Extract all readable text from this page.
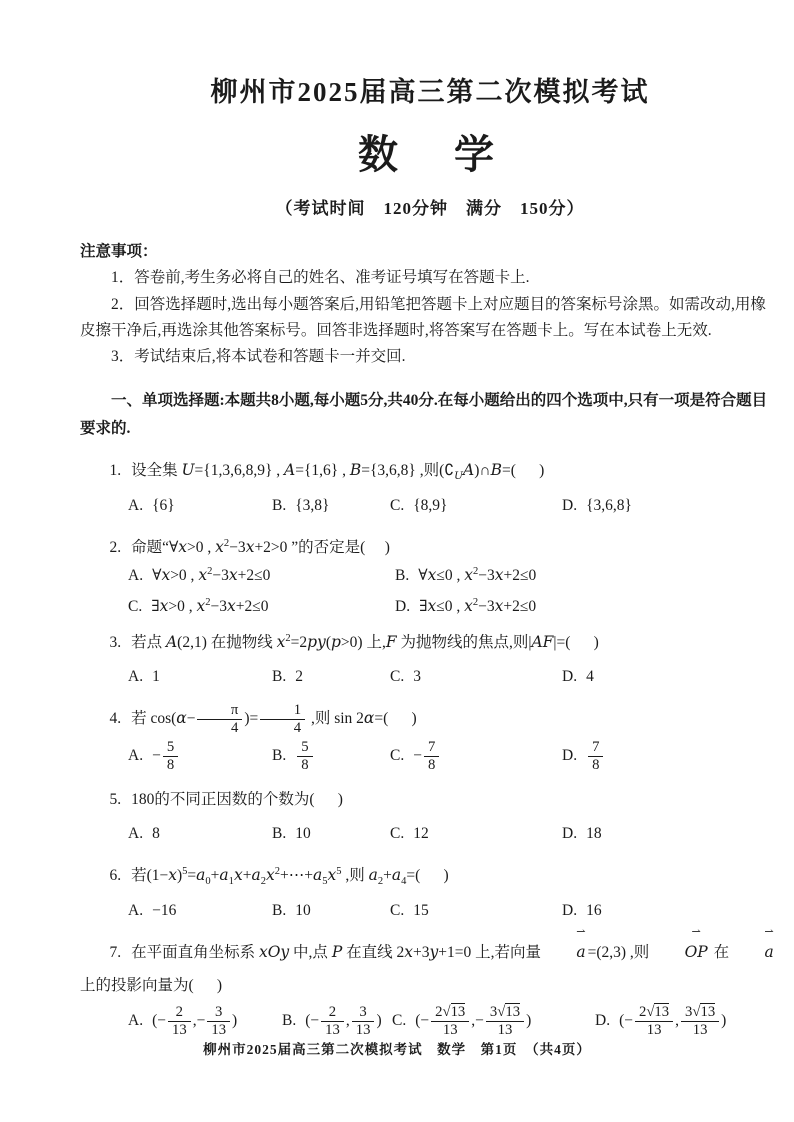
柳州市2025届高三第二次模拟考试
数　学
（考试时间　120分钟　满分　150分）

注意事项：

1．答卷前,考生务必将自己的姓名、准考证号填写在答题卡上.

2．回答选择题时,选出每小题答案后,用铅笔把答题卡上对应题目的答案标号涂黑。如需改动,用橡皮擦干净后,再选涂其他答案标号。回答非选择题时,将答案写在答题卡上。写在本试卷上无效.

3．考试结束后,将本试卷和答题卡一并交回.

一、单项选择题:本题共8小题,每小题5分,共40分.在每小题给出的四个选项中,只有一项是符合题目要求的.

1. 设全集 U={1,3,6,8,9} , A={1,6} , B={3,6,8} ,则$(∁_UA)\cap B=$(      )
A. {6}	B. {3,8}	C. {8,9}	D. {3,6,8}
2. 命题“∀x>0 , $x^2-3x+2>0$ ”的否定是(     )
A. ∀x>0 , $x^2-3x+2\le 0$	B. ∀x≤0 , $x^2-3x+2\le 0$
C. ∃x>0 , $x^2-3x+2\le 0$	D. ∃x≤0 , $x^2-3x+2\le 0$
3. 若点 A(2,1) 在抛物线 $x^2=2py(p>0)$ 上,F 为抛物线的焦点,则|AF|=(      )
A. 1	B. 2	C. 3	D. 4
4. 若 $\cos(\alpha- \frac{\pi}{4}$ )= $\frac{1}{4}$ ,则 sin 2α=(      )
A. − $\frac{5}{8}$	B. $\frac{5}{8}$	C. − $\frac{7}{8}$	D. $\frac{7}{8}$
5. 180的不同正因数的个数为(      )
A. 8	B. 10	C. 12	D. 18
6. 若$(1-x)^5=a_0+a_1x+a_2x^2+\cdots+a_5x^5$ ,则 $a_2+a_4=$(      )
A. −16	B. 10	C. 15	D. 16
7. 在平面直角坐标系 xOy 中,点 P 在直线 2x+3y+1=0 上,若向量 ⇀ a =(2,3) ,则 ⇀ OP 在 ⇀ a 上的投影向量为(      )
A. (− $\frac{2}{13}$ ,− $\frac{3}{13}$ )	B. (− $\frac{2}{13}$ , $\frac{3}{13}$ ) C. (− $\frac{2√13}{13}$ ,− $\frac{3√13}{13}$ )	D. (− $\frac{2√13}{13}$ , $\frac{3√13}{13}$ )
柳州市2025届高三第二次模拟考试　数学　第1页　（共4页）
